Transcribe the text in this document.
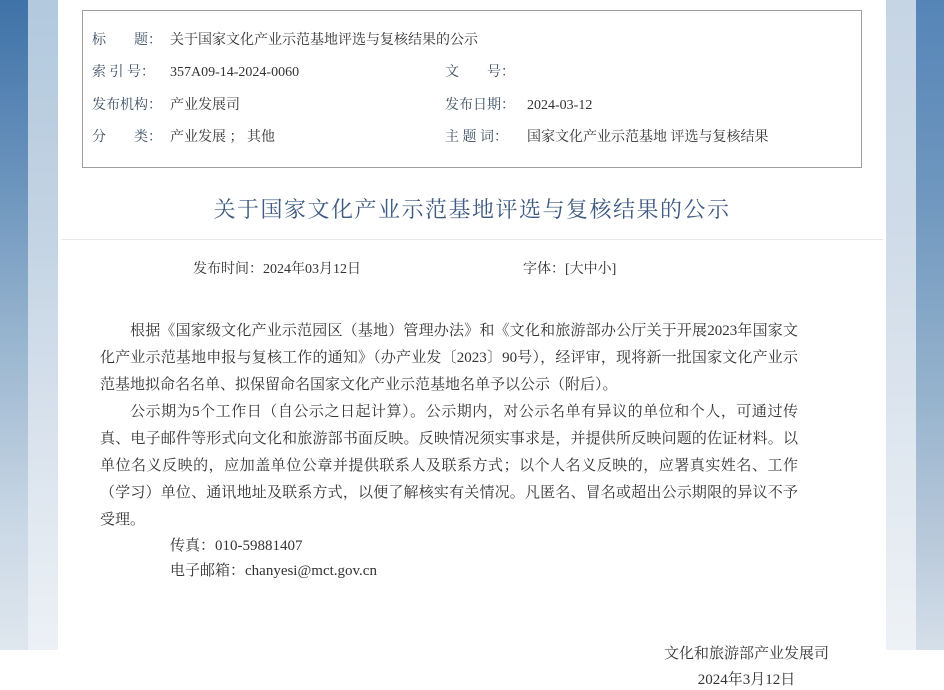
标　　题： 关于国家文化产业示范基地评选与复核结果的公示
索 引 号：	357A09-14-2024-0060	文　　号：
发布机构： 产业发展司	发布日期： 2024-03-12
分　　类： 产业发展 ； 其他	主 题 词：	国家文化产业示范基地 评选与复核结果
关于国家文化产业示范基地评选与复核结果的公示
发布时间：2024年03月12日	字体：[大中小]

根据《国家级文化产业示范园区（基地）管理办法》和《文化和旅游部办公厅关于开展2023年国家文化产业示范基地申报与复核工作的通知》（办产业发〔2023〕90号），经评审，现将新一批国家文化产业示范基地拟命名名单、拟保留命名国家文化产业示范基地名单予以公示（附后）。

公示期为5个工作日（自公示之日起计算）。公示期内，对公示名单有异议的单位和个人，可通过传真、电子邮件等形式向文化和旅游部书面反映。反映情况须实事求是，并提供所反映问题的佐证材料。以单位名义反映的，应加盖单位公章并提供联系人及联系方式；以个人名义反映的，应署真实姓名、工作（学习）单位、通讯地址及联系方式，以便了解核实有关情况。凡匿名、冒名或超出公示期限的异议不予受理。

传真：010-59881407

电子邮箱：chanyesi@mct.gov.cn

文化和旅游部产业发展司
2024年3月12日
